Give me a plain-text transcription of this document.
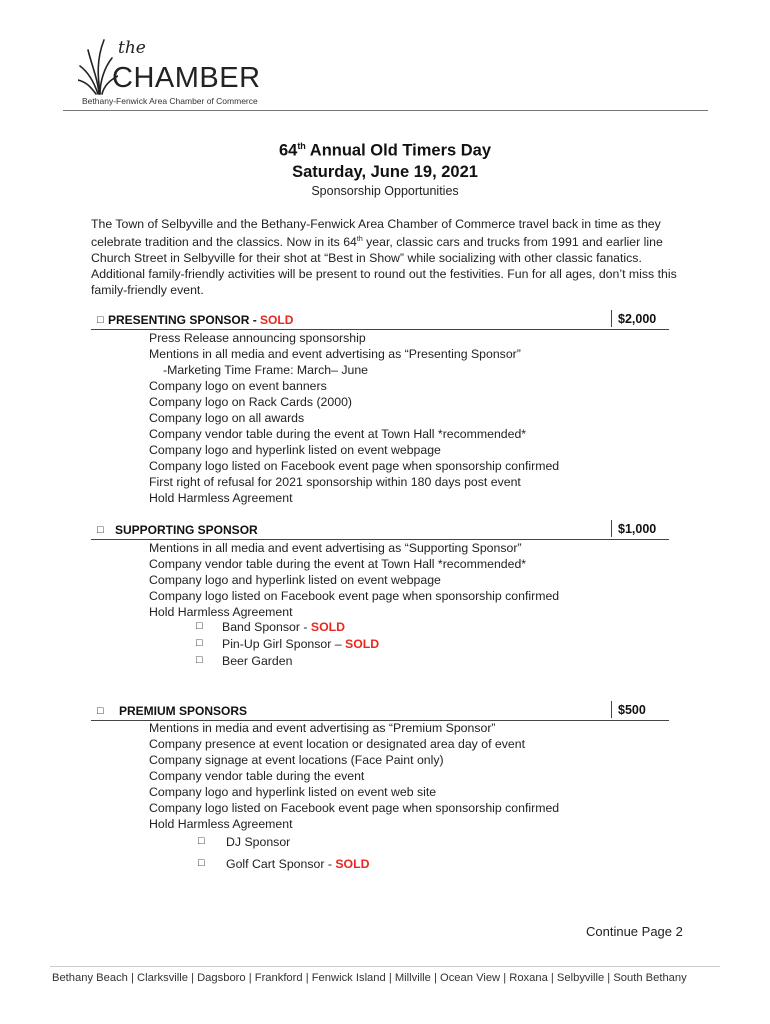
the
CHAMBER
Bethany-Fenwick Area Chamber of Commerce
64th Annual Old Timers Day
Saturday, June 19, 2021
Sponsorship Opportunities
The Town of Selbyville and the Bethany-Fenwick Area Chamber of Commerce travel back in time as they celebrate tradition and the classics. Now in its 64th year, classic cars and trucks from 1991 and earlier line Church Street in Selbyville for their shot at “Best in Show” while socializing with other classic fanatics. Additional family-friendly activities will be present to round out the festivities. Fun for all ages, don’t miss this family-friendly event.
□ PRESENTING SPONSOR - SOLD	$2,000
Press Release announcing sponsorship
Mentions in all media and event advertising as “Presenting Sponsor”
-Marketing Time Frame: March– June
Company logo on event banners
Company logo on Rack Cards (2000)
Company logo on all awards
Company vendor table during the event at Town Hall *recommended*
Company logo and hyperlink listed on event webpage
Company logo listed on Facebook event page when sponsorship confirmed
First right of refusal for 2021 sponsorship within 180 days post event
Hold Harmless Agreement
□ SUPPORTING SPONSOR	$1,000
Mentions in all media and event advertising as “Supporting Sponsor”
Company vendor table during the event at Town Hall *recommended*
Company logo and hyperlink listed on event webpage
Company logo listed on Facebook event page when sponsorship confirmed
Hold Harmless Agreement
□ Band Sponsor - SOLD
□ Pin-Up Girl Sponsor – SOLD
□ Beer Garden
□ PREMIUM SPONSORS	$500
Mentions in media and event advertising as “Premium Sponsor”
Company presence at event location or designated area day of event
Company signage at event locations (Face Paint only)
Company vendor table during the event
Company logo and hyperlink listed on event web site
Company logo listed on Facebook event page when sponsorship confirmed
Hold Harmless Agreement
□ DJ Sponsor
□ Golf Cart Sponsor - SOLD
Continue Page 2
Bethany Beach | Clarksville | Dagsboro | Frankford | Fenwick Island | Millville | Ocean View | Roxana | Selbyville | South Bethany
